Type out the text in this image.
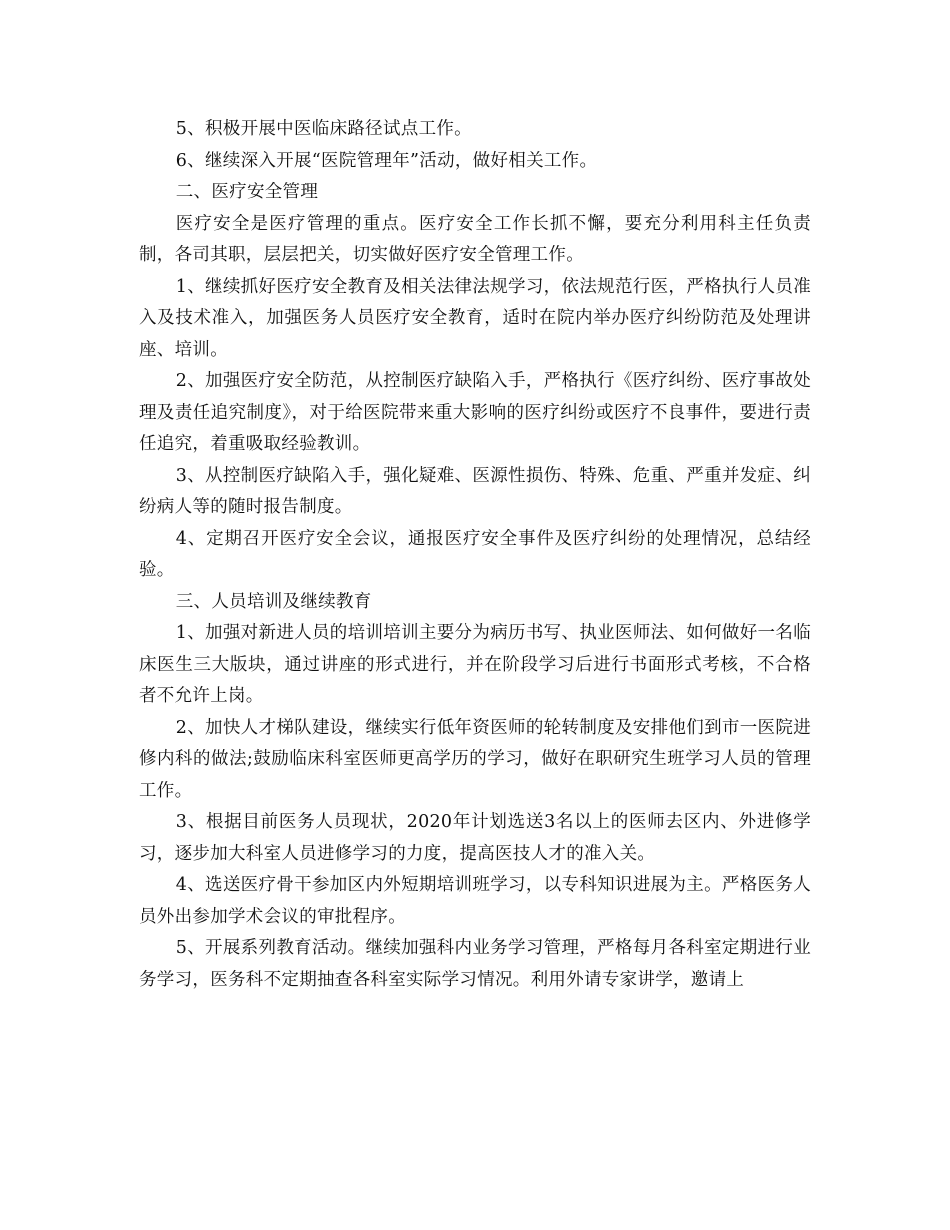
5、积极开展中医临床路径试点工作。

6、继续深入开展“医院管理年”活动，做好相关工作。

二、医疗安全管理

医疗安全是医疗管理的重点。医疗安全工作长抓不懈，要充分利用科主任负责制，各司其职，层层把关，切实做好医疗安全管理工作。

1、继续抓好医疗安全教育及相关法律法规学习，依法规范行医，严格执行人员准入及技术准入，加强医务人员医疗安全教育，适时在院内举办医疗纠纷防范及处理讲座、培训。

2、加强医疗安全防范，从控制医疗缺陷入手，严格执行《医疗纠纷、医疗事故处理及责任追究制度》，对于给医院带来重大影响的医疗纠纷或医疗不良事件，要进行责任追究，着重吸取经验教训。

3、从控制医疗缺陷入手，强化疑难、医源性损伤、特殊、危重、严重并发症、纠纷病人等的随时报告制度。

4、定期召开医疗安全会议，通报医疗安全事件及医疗纠纷的处理情况，总结经验。

三、人员培训及继续教育

1、加强对新进人员的培训培训主要分为病历书写、执业医师法、如何做好一名临床医生三大版块，通过讲座的形式进行，并在阶段学习后进行书面形式考核，不合格者不允许上岗。

2、加快人才梯队建设，继续实行低年资医师的轮转制度及安排他们到市一医院进修内科的做法;鼓励临床科室医师更高学历的学习，做好在职研究生班学习人员的管理工作。

3、根据目前医务人员现状，2020年计划选送3名以上的医师去区内、外进修学习，逐步加大科室人员进修学习的力度，提高医技人才的准入关。

4、选送医疗骨干参加区内外短期培训班学习，以专科知识进展为主。严格医务人员外出参加学术会议的审批程序。

5、开展系列教育活动。继续加强科内业务学习管理，严格每月各科室定期进行业务学习，医务科不定期抽查各科室实际学习情况。利用外请专家讲学，邀请上
